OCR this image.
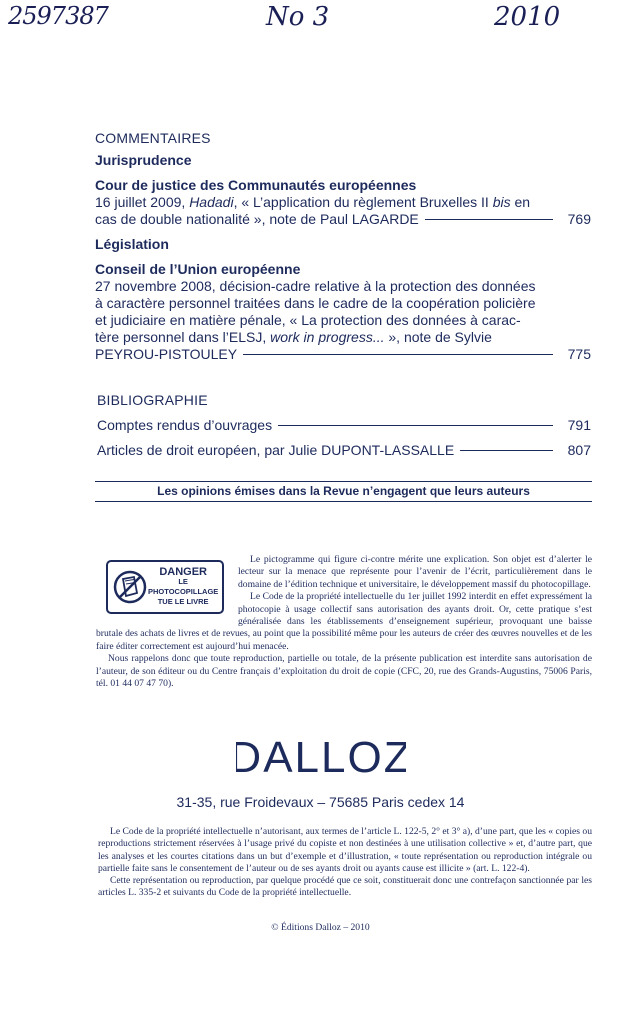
2597387	No 3	2010
COMMENTAIRES
Jurisprudence
Cour de justice des Communautés européennes
16 juillet 2009, Hadadi, « L’application du règlement Bruxelles II bis en
cas de double nationalité », note de Paul LAGARDE	769
Législation
Conseil de l’Union européenne
27 novembre 2008, décision-cadre relative à la protection des données
à caractère personnel traitées dans le cadre de la coopération policière
et judiciaire en matière pénale, « La protection des données à carac-
tère personnel dans l’ELSJ, work in progress... », note de Sylvie
PEYROU-PISTOULEY	775
BIBLIOGRAPHIE
Comptes rendus d’ouvrages	791
Articles de droit européen, par Julie DUPONT-LASSALLE	807
Les opinions émises dans la Revue n’engagent que leurs auteurs
DANGER
LE
PHOTOCOPILLAGE
TUE LE LIVRE

Le pictogramme qui figure ci-contre mérite une explication. Son objet est d’alerter le lecteur sur la menace que représente pour l’avenir de l’écrit, particulièrement dans le domaine de l’édition technique et universitaire, le développement massif du photocopillage.

Le Code de la propriété intellectuelle du 1er juillet 1992 interdit en effet expressément la photocopie à usage collectif sans autorisation des ayants droit. Or, cette pratique s’est généralisée dans les établissements d’enseignement supérieur, provoquant une baisse brutale des achats de livres et de revues, au point que la possibilité même pour les auteurs de créer des œuvres nouvelles et de les faire éditer correctement est aujourd’hui menacée.

Nous rappelons donc que toute reproduction, partielle ou totale, de la présente publication est interdite sans autorisation de l’auteur, de son éditeur ou du Centre français d’exploitation du droit de copie (CFC, 20, rue des Grands-Augustins, 75006 Paris, tél. 01 44 07 47 70).

DALLOZ
31-35, rue Froidevaux – 75685 Paris cedex 14

Le Code de la propriété intellectuelle n’autorisant, aux termes de l’article L. 122-5, 2° et 3° a), d’une part, que les « copies ou reproductions strictement réservées à l’usage privé du copiste et non destinées à une utilisation collective » et, d’autre part, que les analyses et les courtes citations dans un but d’exemple et d’illustration, « toute représentation ou reproduction intégrale ou partielle faite sans le consentement de l’auteur ou de ses ayants droit ou ayants cause est illicite » (art. L. 122-4).

Cette représentation ou reproduction, par quelque procédé que ce soit, constituerait donc une contrefaçon sanctionnée par les articles L. 335-2 et suivants du Code de la propriété intellectuelle.

© Éditions Dalloz – 2010
